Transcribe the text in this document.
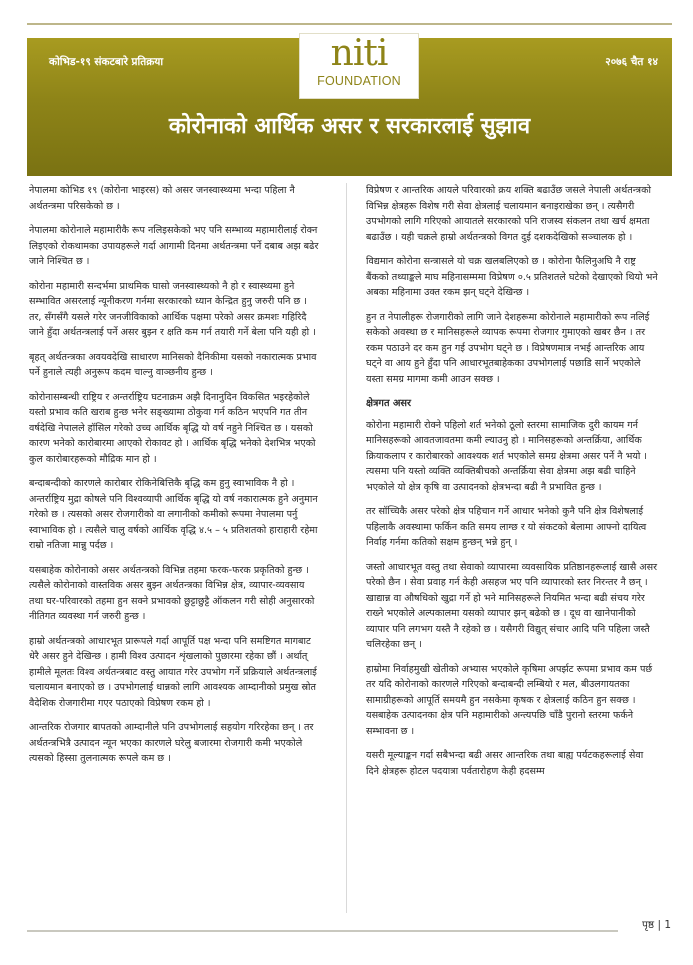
कोभिड-१९ संकटबारे प्रतिक्रया	niti
FOUNDATION
२०७६ चैत १४
कोरोनाको आर्थिक असर र सरकारलाई सुझाव

नेपालमा कोभिड १९ (कोरोना भाइरस) को असर जनस्वास्थ्यमा भन्दा पहिला नै अर्थतन्त्रमा परिसकेको छ ।

नेपालमा कोरोनाले महामारीकै रूप नलिइसकेको भए पनि सम्भाव्य महामारीलाई रोक्न लिइएको रोकथामका उपायहरूले गर्दा आगामी दिनमा अर्थतन्त्रमा पर्ने दबाब अझ बढेर जाने निश्चित छ ।

कोरोना महामारी सन्दर्भमा प्राथमिक घासो जनस्वास्थ्यको नै हो र स्वास्थ्यमा हुने सम्भावित असरलाई न्यूनीकरण गर्नमा सरकारको ध्यान केन्द्रित हुनु जरुरी पनि छ । तर, सँगसँगै यसले गरेर जनजीविकाको आर्थिक पक्षमा परेको असर क्रमशः गहिरिदै जाने हुँदा अर्थतन्त्रलाई पर्ने असर बुझ्न र क्षति कम गर्न तयारी गर्ने बेला पनि यही हो ।

बृहत् अर्थतन्त्रका अवयवदेखि साधारण मानिसको दैनिकीमा यसको नकारात्मक प्रभाव पर्ने हुनाले त्यही अनुरूप कदम चाल्नु वाञ्छनीय हुन्छ ।

कोरोनासम्बन्धी राष्ट्रिय र अन्तर्राष्ट्रिय घटनाक्रम अझै दिनानुदिन विकसित भइरहेकोले यस्तो प्रभाव कति खराब हुन्छ भनेर सङ्ख्यामा ठोकुवा गर्न कठिन भएपनि गत तीन वर्षदेखि नेपालले हॉसिल गरेको उच्च आर्थिक बृद्धि यो वर्ष नहुने निश्चित छ । यसको कारण भनेको कारोबारमा आएको रोकावट हो । आर्थिक बृद्धि भनेको देशभित्र भएको कुल कारोबारहरूको मौद्रिक मान हो ।

बन्दाबन्दीको कारणले कारोबार रोकिनेबित्तिकै बृद्धि कम हुनु स्वाभाविक नै हो । अन्तर्राष्ट्रिय मुद्रा कोषले पनि विश्वव्यापी आर्थिक बृद्धि यो वर्ष नकारात्मक हुने अनुमान गरेको छ । त्यसको असर रोजगारीको वा लगानीको कमीको रूपमा नेपालमा पर्नु स्वाभाविक हो । त्यसैले चालु वर्षको आर्थिक वृद्धि ४.५ – ५ प्रतिशतको हाराहारी रहेमा राम्रो नतिजा मान्नु पर्दछ ।

यसबाहेक कोरोनाको असर अर्थतन्त्रको विभिन्न तहमा फरक-फरक प्रकृतिको हुन्छ । त्यसैले कोरोनाको वास्तविक असर बुझ्न अर्थतन्त्रका विभिन्न क्षेत्र, व्यापार-व्यवसाय तथा घर-परिवारको तहमा हुन सक्ने प्रभावको छुट्टाछुट्टै ऑकलन गरी सोही अनुसारको नीतिगत व्यवस्था गर्न जरुरी हुन्छ ।

हाम्रो अर्थतन्त्रको आधारभूत प्रारूपले गर्दा आपूर्ति पक्ष भन्दा पनि समष्टिगत मागबाट धेरै असर हुने देखिन्छ । हामी विश्व उत्पादन शृंखलाको पुछारमा रहेका छौं । अर्थात् हामीले मूलतः विश्व अर्थतन्त्रबाट वस्तु आयात गरेर उपभोग गर्ने प्रक्रियाले अर्थतन्त्रलाई चलायमान बनाएको छ । उपभोगलाई धान्नको लागि आवश्यक आम्दानीको प्रमुख स्रोत वैदेशिक रोजगारीमा गएर पठाएको विप्रेषण रकम हो ।

आन्तरिक रोजगार बापतको आम्दानीले पनि उपभोगलाई सहयोग गरिरहेका छन् । तर अर्थतन्त्रभित्रै उत्पादन न्यून भएका कारणले घरेलु बजारमा रोजगारी कमी भएकोले त्यसको हिस्सा तुलनात्मक रूपले कम छ ।

विप्रेषण र आन्तरिक आयले परिवारको क्रय शक्ति बढाउँछ जसले नेपाली अर्थतन्त्रको विभिन्न क्षेत्रहरू विशेष गरी सेवा क्षेत्रलाई चलायमान बनाइराखेका छन् । त्यसैगरी उपभोगको लागि गरिएको आयातले सरकारको पनि राजस्व संकलन तथा खर्च क्षमता बढाउँछ । यही चक्रले हाम्रो अर्थतन्त्रको विगत दुई दशकदेखिको सञ्चालक हो ।

विद्यमान कोरोना सन्त्रासले यो चक्र खलबलिएको छ । कोरोना फैलिनुअघि नै राष्ट्र बैंकको तथ्याङ्कले माघ महिनासम्ममा विप्रेषण ०.५ प्रतिशतले घटेको देखाएको थियो भने अबका महिनामा उक्त रकम झन् घट्ने देखिन्छ ।

हुन त नेपालीहरू रोजगारीको लागि जाने देशहरूमा कोरोनाले महामारीको रूप नलिई सकेको अवस्था छ र मानिसहरूले व्यापक रूपमा रोजगार गुमाएको खबर छैन । तर रकम पठाउने दर कम हुन गई उपभोग घट्ने छ । विप्रेषणमात्र नभई आन्तरिक आय घट्ने वा आय हुने हुँदा पनि आधारभूतबाहेकका उपभोगलाई पछाडि सार्ने भएकोले यस्ता समग्र मागमा कमी आउन सक्छ ।

क्षेत्रगत असर

कोरोना महामारी रोक्ने पहिलो शर्त भनेको ठूलो स्तरमा सामाजिक दुरी कायम गर्न मानिसहरूको आवतजावतमा कमी ल्याउनु हो । मानिसहरूको अन्तर्क्रिया, आर्थिक क्रियाकलाप र कारोबारको आवश्यक शर्त भएकोले समग्र क्षेत्रमा असर पर्ने नै भयो । त्यसमा पनि यस्तो व्यक्ति व्यक्तिबीचको अन्तर्क्रिया सेवा क्षेत्रमा अझ बढी चाहिने भएकोले यो क्षेत्र कृषि वा उत्पादनको क्षेत्रभन्दा बढी नै प्रभावित हुन्छ ।

तर सॉच्चिकै असर परेको क्षेत्र पहिचान गर्ने आधार भनेको कुनै पनि क्षेत्र विशेषलाई पहिलाकै अवस्थामा फर्किन कति समय लाग्छ र यो संकटको बेलामा आफ्नो दायित्व निर्वाह गर्नमा कतिको सक्षम हुन्छन् भन्ने हुन् ।

जस्तो आधारभूत वस्तु तथा सेवाको व्यापारमा व्यवसायिक प्रतिष्ठानहरूलाई खासै असर परेको छैन । सेवा प्रवाह गर्न केही असहज भए पनि व्यापारको स्तर निरन्तर नै छन् । खाद्यान्न वा औषधिको खुद्रा गर्ने हो भने मानिसहरूले नियमित भन्दा बढी संचय गरेर राख्ने भएकोले अल्पकालमा यसको व्यापार झन् बढेको छ । दूध वा खानेपानीको व्यापार पनि लगभग यस्तै नै रहेको छ । यसैगरी विद्युत् संचार आदि पनि पहिला जस्तै चलिरहेका छन् ।

हाम्रोमा निर्वाहमुखी खेतीको अभ्यास भएकोले कृषिमा अपर्झट रूपमा प्रभाव कम पर्छ तर यदि कोरोनाको कारणले गरिएको बन्दाबन्दी लम्बियो र मल, बीउलगायतका सामाग्रीहरूको आपूर्ति समयमै हुन नसकेमा कृषक र क्षेत्रलाई कठिन हुन सक्छ । यसबाहेक उत्पादनका क्षेत्र पनि महामारीको अन्त्यपछि चाँडै पुरानो स्तरमा फर्कने सम्भावना छ ।

यसरी मूल्याङ्कन गर्दा सबैभन्दा बढी असर आन्तरिक तथा बाह्य पर्यटकहरूलाई सेवा दिने क्षेत्रहरू होटल पदयात्रा पर्वतारोहण केही हदसम्म

पृष्ठ | 1
